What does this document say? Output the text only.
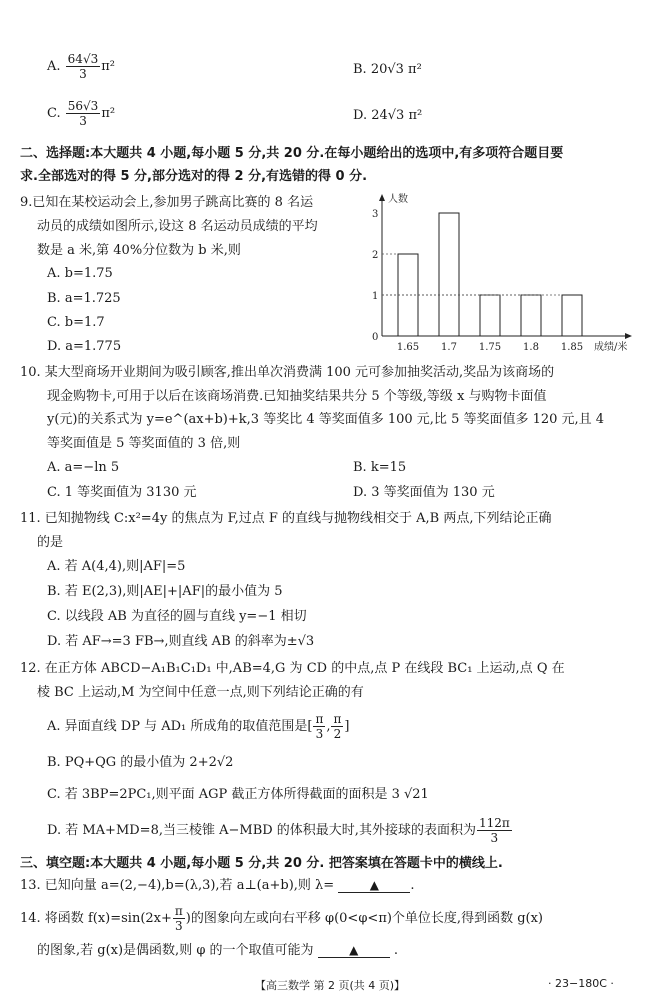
A. $\frac{64√3}{3} \pi^2$	B. 20√3 π²
C. $\frac{56√3}{3} \pi^2$	D. 24√3 π²
二、选择题:本大题共 4 小题,每小题 5 分,共 20 分.在每小题给出的选项中,有多项符合题目要
求.全部选对的得 5 分,部分选对的得 2 分,有选错的得 0 分.
9.已知在某校运动会上,参加男子跳高比赛的 8 名运
动员的成绩如图所示,设这 8 名运动员成绩的平均
数是 a 米,第 40%分位数为 b 米,则
A. b=1.75
B. a=1.725
C. b=1.7
D. a=1.775
人数
成绩/米
0
1
2
3
1.65 1.7 1.75 1.8 1.85
10. 某大型商场开业期间为吸引顾客,推出单次消费满 100 元可参加抽奖活动,奖品为该商场的
现金购物卡,可用于以后在该商场消费.已知抽奖结果共分 5 个等级,等级 x 与购物卡面值
y(元)的关系式为 y=e^(ax+b)+k,3 等奖比 4 等奖面值多 100 元,比 5 等奖面值多 120 元,且 4
等奖面值是 5 等奖面值的 3 倍,则
A. a=−ln 5	B. k=15
C. 1 等奖面值为 3130 元	D. 3 等奖面值为 130 元
11. 已知抛物线 C:x²=4y 的焦点为 F,过点 F 的直线与抛物线相交于 A,B 两点,下列结论正确
的是
A. 若 A(4,4),则|AF|=5
B. 若 E(2,3),则|AE|+|AF|的最小值为 5
C. 以线段 AB 为直径的圆与直线 y=−1 相切
D. 若 AF→=3 FB→,则直线 AB 的斜率为±√3
12. 在正方体 ABCD−A₁B₁C₁D₁ 中,AB=4,G 为 CD 的中点,点 P 在线段 BC₁ 上运动,点 Q 在
棱 BC 上运动,M 为空间中任意一点,则下列结论正确的有
A. 异面直线 DP 与 AD₁ 所成角的取值范围是[ $\frac{\pi}{3}$ , $\frac{\pi}{2}$ ]
B. PQ+QG 的最小值为 2+2√2
C. 若 3BP=2PC₁,则平面 AGP 截正方体所得截面的面积是 3 √21
D. 若 MA+MD=8,当三棱锥 A−MBD 的体积最大时,其外接球的表面积为 $\frac{112\pi}{3}$
三、填空题:本大题共 4 小题,每小题 5 分,共 20 分. 把答案填在答题卡中的横线上.
13. 已知向量 a=(2,−4),b=(λ,3),若 a⊥(a+b),则 λ=	▲ .
14. 将函数 $f(x)=\sin(2x+ \frac{\pi}{3}$ )的图象向左或向右平移 φ(0<φ<π)个单位长度,得到函数 g(x)
的图象,若 g(x)是偶函数,则 φ 的一个取值可能为	▲	.
【高三数学 第 2 页(共 4 页)】	· 23−180C ·
